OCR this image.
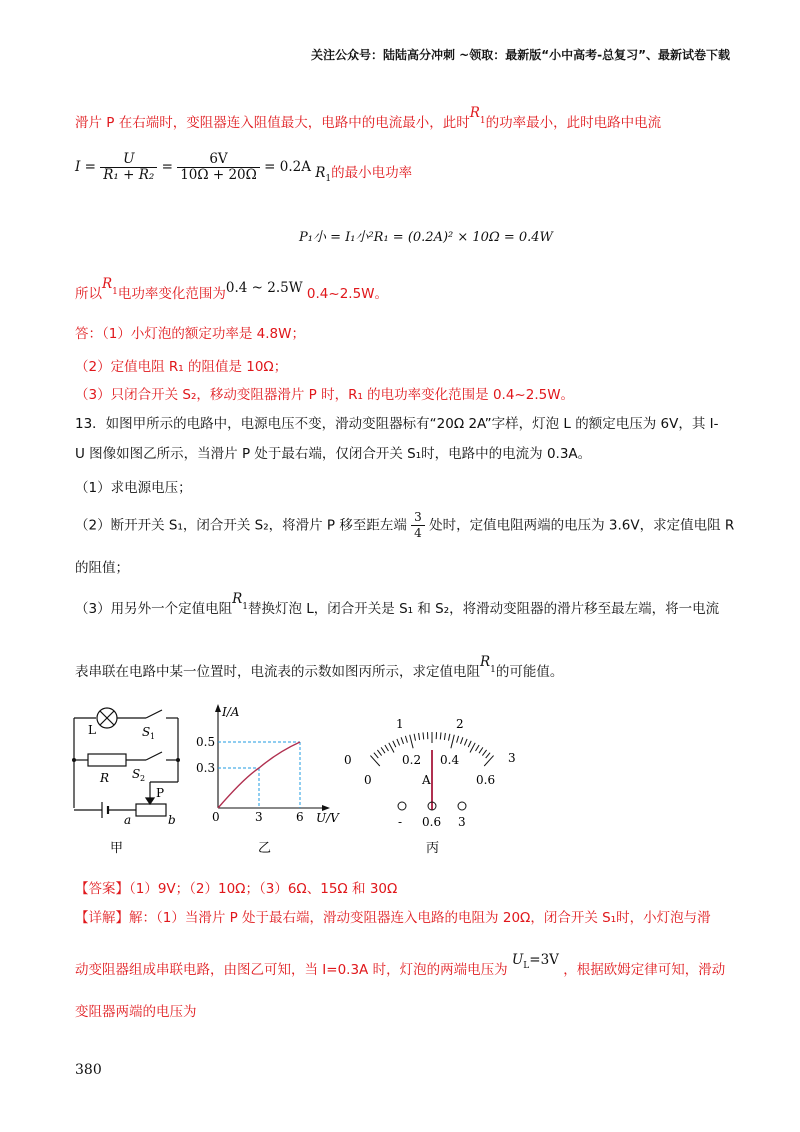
关注公众号：陆陆高分冲刺 ~领取：最新版“小中高考-总复习”、最新试卷下载
滑片 P 在右端时，变阻器连入阻值最大，电路中的电流最小，此时$R^1$的功率最小，此时电路中电流
$I = \frac{U}{\text{R₁ + R₂}} = \frac{6V}{10\Omega + 20\Omega} = 0.2A$ $R_1$的最小电功率
P₁小 = I₁小²R₁ = (0.2A)² × 10Ω = 0.4W
所以$R^1$电功率变化范围为0.4 ~ 2.5W 0.4~2.5W。
答：（1）小灯泡的额定功率是 4.8W；
（2）定值电阻 R₁ 的阻值是 10Ω；
（3）只闭合开关 S₂，移动变阻器滑片 P 时，R₁ 的电功率变化范围是 0.4~2.5W。
13．如图甲所示的电路中，电源电压不变，滑动变阻器标有“20Ω 2A”字样，灯泡 L 的额定电压为 6V，其 I-
U 图像如图乙所示，当滑片 P 处于最右端，仅闭合开关 S₁时，电路中的电流为 0.3A。
（1）求电源电压；
（2）断开开关 S₁，闭合开关 S₂，将滑片 P 移至距左端 $\frac{3}{4}$ 处时，定值电阻两端的电压为 3.6V，求定值电阻 R
的阻值；
（3）用另外一个定值电阻$R^1$替换灯泡 L，闭合开关是 S₁ 和 S₂，将滑动变阻器的滑片移至最左端，将一电流
表串联在电路中某一位置时，电流表的示数如图丙所示，求定值电阻$R^1$的可能值。
L	S 1
R S 2
P
a	b
甲
I/A
0.5
0.3
0	3	6 U/V
乙
0
1	2
3
0
0.2 0.4
0.6
A
- 0.6 3
丙
【答案】（1）9V；（2）10Ω；（3）6Ω、15Ω 和 30Ω
【详解】解：（1）当滑片 P 处于最右端，滑动变阻器连入电路的电阻为 20Ω，闭合开关 S₁时，小灯泡与滑
动变阻器组成串联电路，由图乙可知，当 I=0.3A 时，灯泡的两端电压为 $U^L=3V$ ，根据欧姆定律可知，滑动
变阻器两端的电压为
380
